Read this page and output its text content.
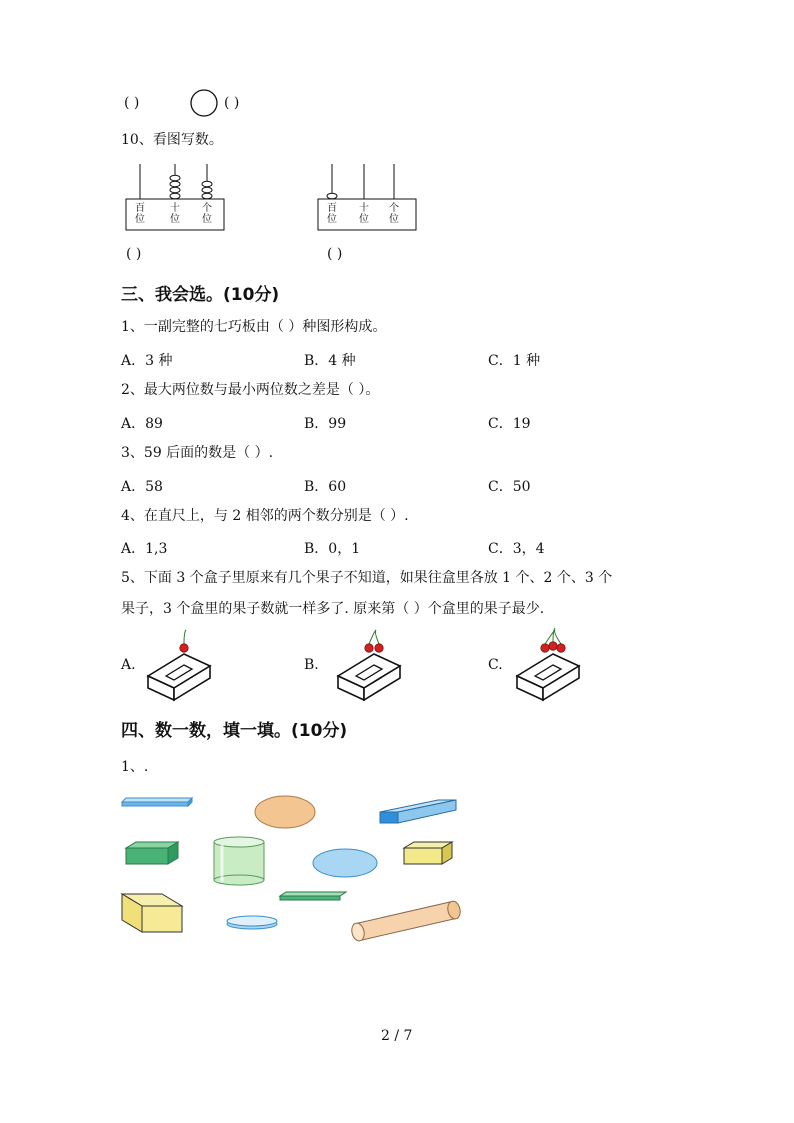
( )	( )
10、看图写数。
百
位
十
位
个
位
百
位
十
位
个
位
( )	( )
三、我会选。(10分)
1、一副完整的七巧板由（ ）种图形构成。
A．3 种	B．4 种	C．1 种
2、最大两位数与最小两位数之差是（ ）。
A．89	B．99	C．19
3、59 后面的数是（ ）.
A．58	B．60	C．50
4、在直尺上，与 2 相邻的两个数分别是（ ）.
A．1,3	B．0，1	C．3，4
5、下面 3 个盒子里原来有几个果子不知道，如果往盒里各放 1 个、2 个、3 个
果子，3 个盒里的果子数就一样多了. 原来第（ ）个盒里的果子最少.
A.	B.	C.
四、数一数，填一填。(10分)
1、.
2 / 7
